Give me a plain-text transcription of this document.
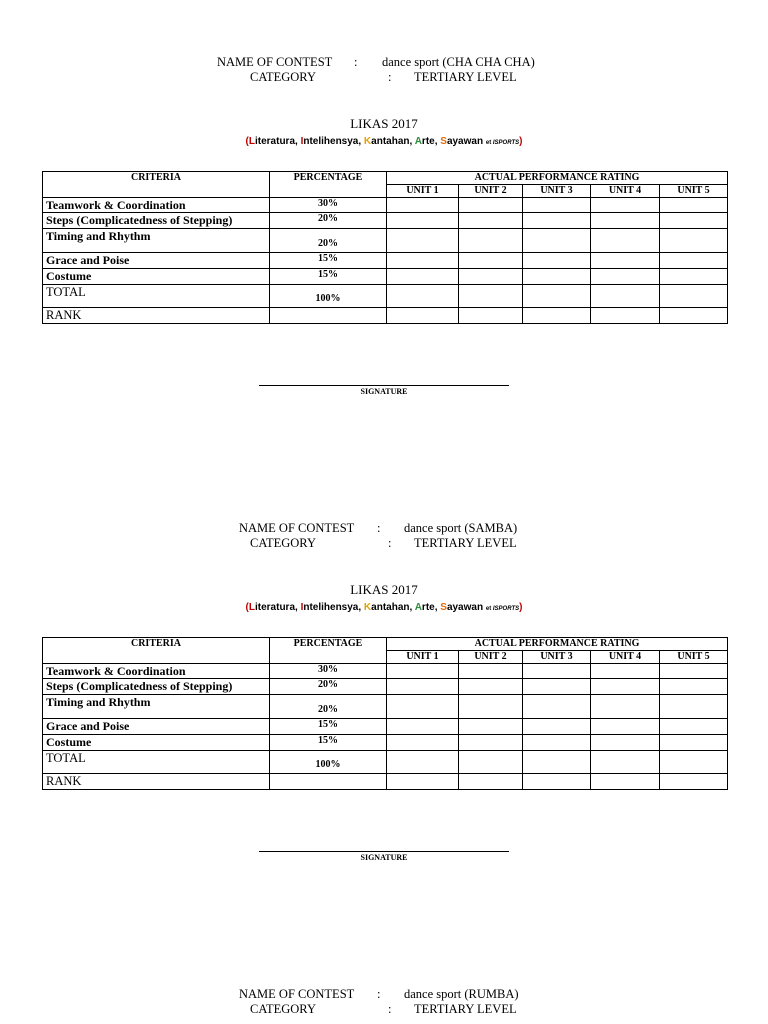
NAME OF CONTEST : dance sport (CHA CHA CHA)
CATEGORY	: TERTIARY LEVEL
LIKAS 2017
(Literatura, Intelihensya, Kantahan, Arte, Sayawan et ISPORTS)
CRITERIA	PERCENTAGE	ACTUAL PERFORMANCE RATING				
		UNIT 1	UNIT 2	UNIT 3	UNIT 4	UNIT 5
Teamwork & Coordination	30%					
Steps (Complicatedness of Stepping)	20%					
Timing and Rhythm	20%					
Grace and Poise	15%					
Costume	15%					
TOTAL	100%					
RANK						
SIGNATURE
NAME OF CONTEST : dance sport (SAMBA)
CATEGORY	: TERTIARY LEVEL
LIKAS 2017
(Literatura, Intelihensya, Kantahan, Arte, Sayawan et ISPORTS)
CRITERIA	PERCENTAGE	ACTUAL PERFORMANCE RATING				
		UNIT 1	UNIT 2	UNIT 3	UNIT 4	UNIT 5
Teamwork & Coordination	30%					
Steps (Complicatedness of Stepping)	20%					
Timing and Rhythm	20%					
Grace and Poise	15%					
Costume	15%					
TOTAL	100%					
RANK						
SIGNATURE
NAME OF CONTEST : dance sport (RUMBA)
CATEGORY	: TERTIARY LEVEL
